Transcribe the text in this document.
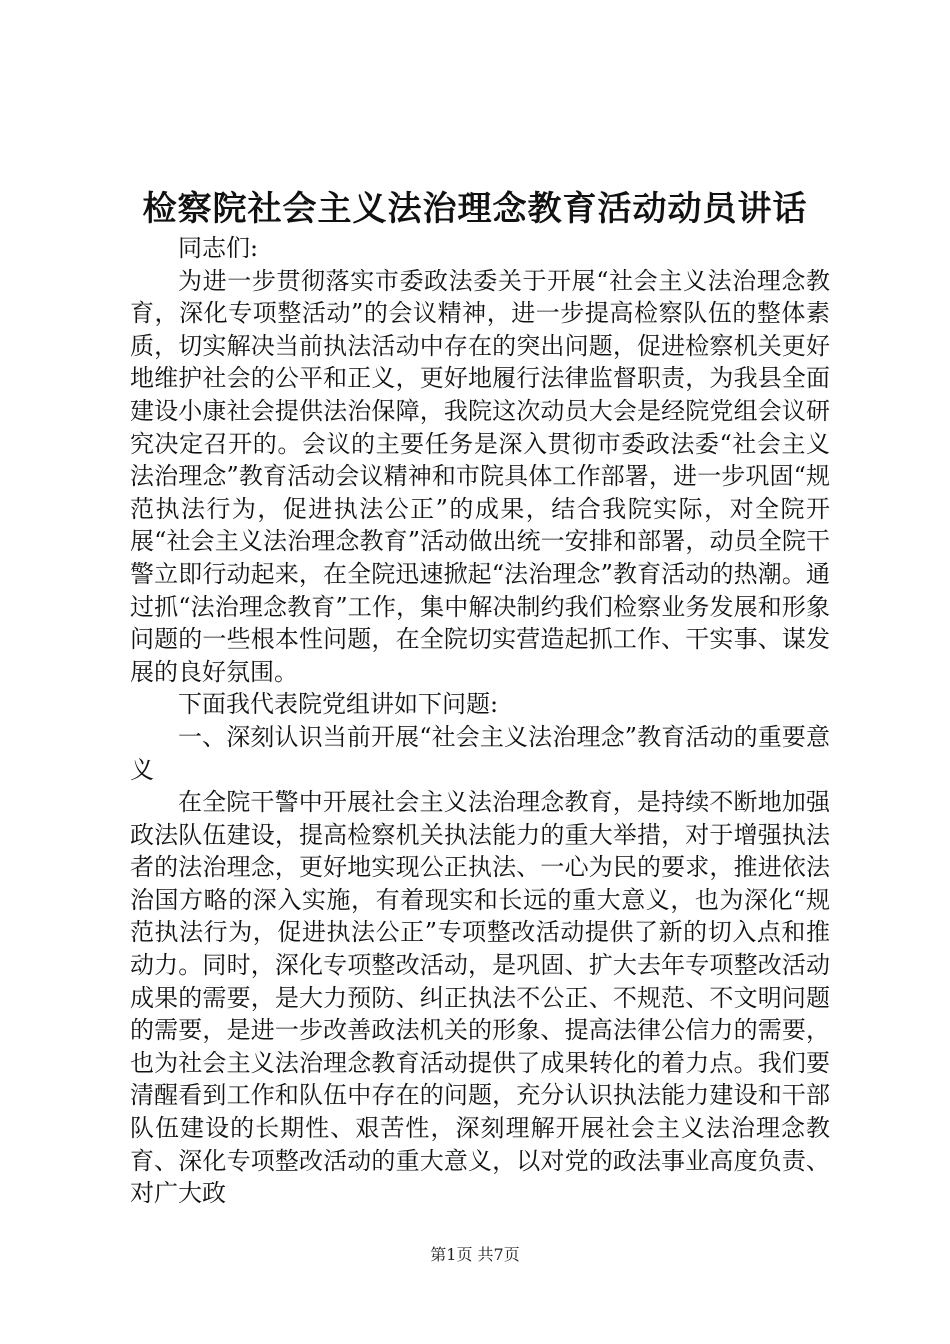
检察院社会主义法治理念教育活动动员讲话

同志们:

为进一步贯彻落实市委政法委关于开展“社会主义法治理念教育，深化专项整活动”的会议精神，进一步提高检察队伍的整体素质，切实解决当前执法活动中存在的突出问题，促进检察机关更好地维护社会的公平和正义，更好地履行法律监督职责，为我县全面建设小康社会提供法治保障，我院这次动员大会是经院党组会议研究决定召开的。会议的主要任务是深入贯彻市委政法委“社会主义法治理念”教育活动会议精神和市院具体工作部署，进一步巩固“规范执法行为，促进执法公正”的成果，结合我院实际，对全院开展“社会主义法治理念教育”活动做出统一安排和部署，动员全院干警立即行动起来，在全院迅速掀起“法治理念”教育活动的热潮。通过抓“法治理念教育”工作，集中解决制约我们检察业务发展和形象问题的一些根本性问题，在全院切实营造起抓工作、干实事、谋发展的良好氛围。

下面我代表院党组讲如下问题:

一、深刻认识当前开展“社会主义法治理念”教育活动的重要意义

在全院干警中开展社会主义法治理念教育，是持续不断地加强政法队伍建设，提高检察机关执法能力的重大举措，对于增强执法者的法治理念，更好地实现公正执法、一心为民的要求，推进依法治国方略的深入实施，有着现实和长远的重大意义，也为深化“规范执法行为，促进执法公正”专项整改活动提供了新的切入点和推动力。同时，深化专项整改活动，是巩固、扩大去年专项整改活动成果的需要，是大力预防、纠正执法不公正、不规范、不文明问题的需要，是进一步改善政法机关的形象、提高法律公信力的需要，也为社会主义法治理念教育活动提供了成果转化的着力点。我们要清醒看到工作和队伍中存在的问题，充分认识执法能力建设和干部队伍建设的长期性、艰苦性，深刻理解开展社会主义法治理念教育、深化专项整改活动的重大意义，以对党的政法事业高度负责、对广大政

第1页 共7页
